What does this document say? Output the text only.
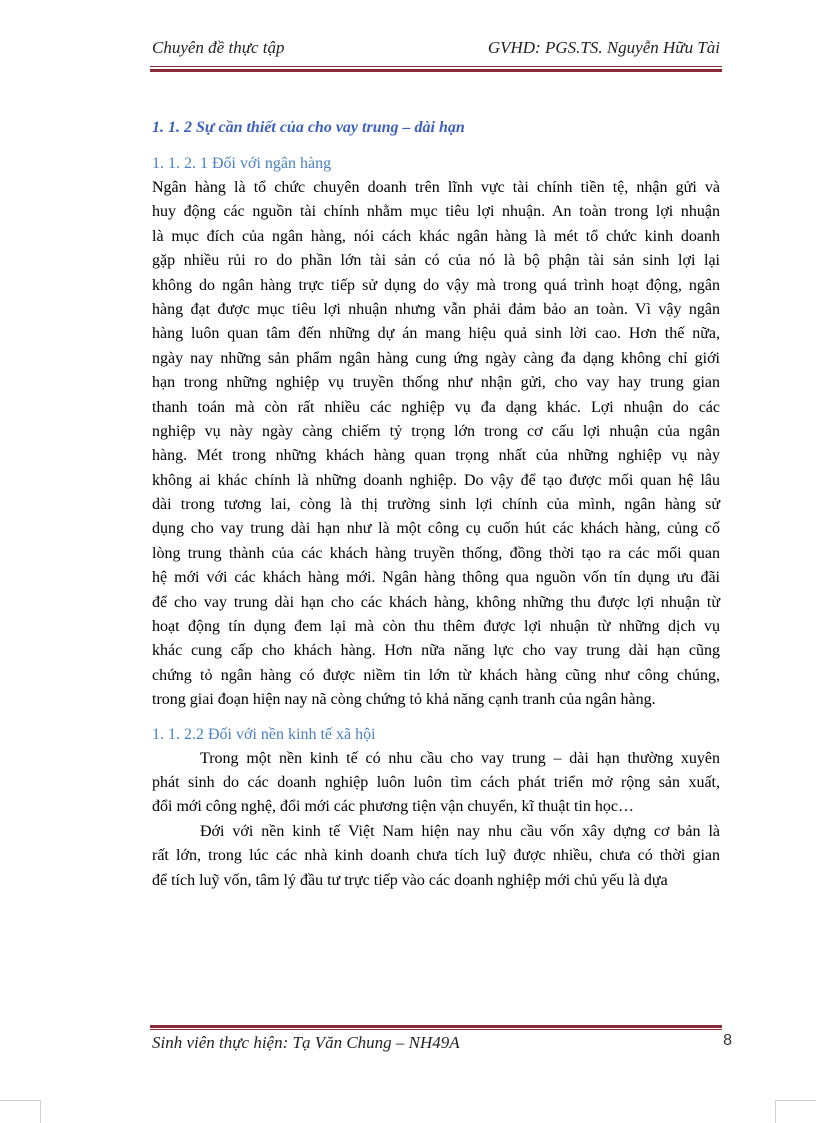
Chuyên đề thực tập	GVHD: PGS.TS. Nguyễn Hữu Tài
1. 1. 2 Sự cần thiết của cho vay trung – dài hạn
1. 1. 2. 1 Đối với ngân hàng
Ngân hàng là tổ chức chuyên doanh trên lĩnh vực tài chính tiền tệ, nhận gửi và
huy động các nguồn tài chính nhằm mục tiêu lợi nhuận. An toàn trong lợi nhuận
là mục đích của ngân hàng, nói cách khác ngân hàng là mét tổ chức kinh doanh
gặp nhiều rủi ro do phần lớn tài sản có của nó là bộ phận tài sản sinh lợi lại
không do ngân hàng trực tiếp sử dụng do vậy mà trong quá trình hoạt động, ngân
hàng đạt được mục tiêu lợi nhuận nhưng vẫn phải đảm bảo an toàn. Vì vậy ngân
hàng luôn quan tâm đến những dự án mang hiệu quả sinh lời cao. Hơn thế nữa,
ngày nay những sản phẩm ngân hàng cung ứng ngày càng đa dạng không chỉ giới
hạn trong những nghiệp vụ truyền thống như nhận gửi, cho vay hay trung gian
thanh toán mà còn rất nhiều các nghiệp vụ đa dạng khác. Lợi nhuận do các
nghiệp vụ này ngày càng chiếm tỷ trọng lớn trong cơ cấu lợi nhuận của ngân
hàng. Mét trong những khách hàng quan trọng nhất của những nghiệp vụ này
không ai khác chính là những doanh nghiệp. Do vậy để tạo được mối quan hệ lâu
dài trong tương lai, còng là thị trường sinh lợi chính của mình, ngân hàng sử
dụng cho vay trung dài hạn như là một công cụ cuốn hút các khách hàng, củng cố
lòng trung thành của các khách hàng truyền thống, đồng thời tạo ra các mối quan
hệ mới với các khách hàng mới. Ngân hàng thông qua nguồn vốn tín dụng ưu đãi
để cho vay trung dài hạn cho các khách hàng, không những thu được lợi nhuận từ
hoạt động tín dụng đem lại mà còn thu thêm được lợi nhuận từ những dịch vụ
khác cung cấp cho khách hàng. Hơn nữa năng lực cho vay trung dài hạn cũng
chứng tỏ ngân hàng có được niềm tin lớn từ khách hàng cũng như công chúng,
trong giai đoạn hiện nay nã còng chứng tỏ khả năng cạnh tranh của ngân hàng.
1. 1. 2.2 Đối với nền kinh tế xã hội
Trong một nền kinh tế có nhu cầu cho vay trung – dài hạn thường xuyên
phát sinh do các doanh nghiệp luôn luôn tìm cách phát triển mở rộng sản xuất,
đổi mới công nghệ, đổi mới các phương tiện vận chuyển, kĩ thuật tin học…
Đới với nền kinh tế Việt Nam hiện nay nhu cầu vốn xây dựng cơ bản là
rất lớn, trong lúc các nhà kinh doanh chưa tích luỹ được nhiều, chưa có thời gian
để tích luỹ vốn, tâm lý đầu tư trực tiếp vào các doanh nghiệp mới chủ yếu là dựa
Sinh viên thực hiện: Tạ Văn Chung – NH49A	8
